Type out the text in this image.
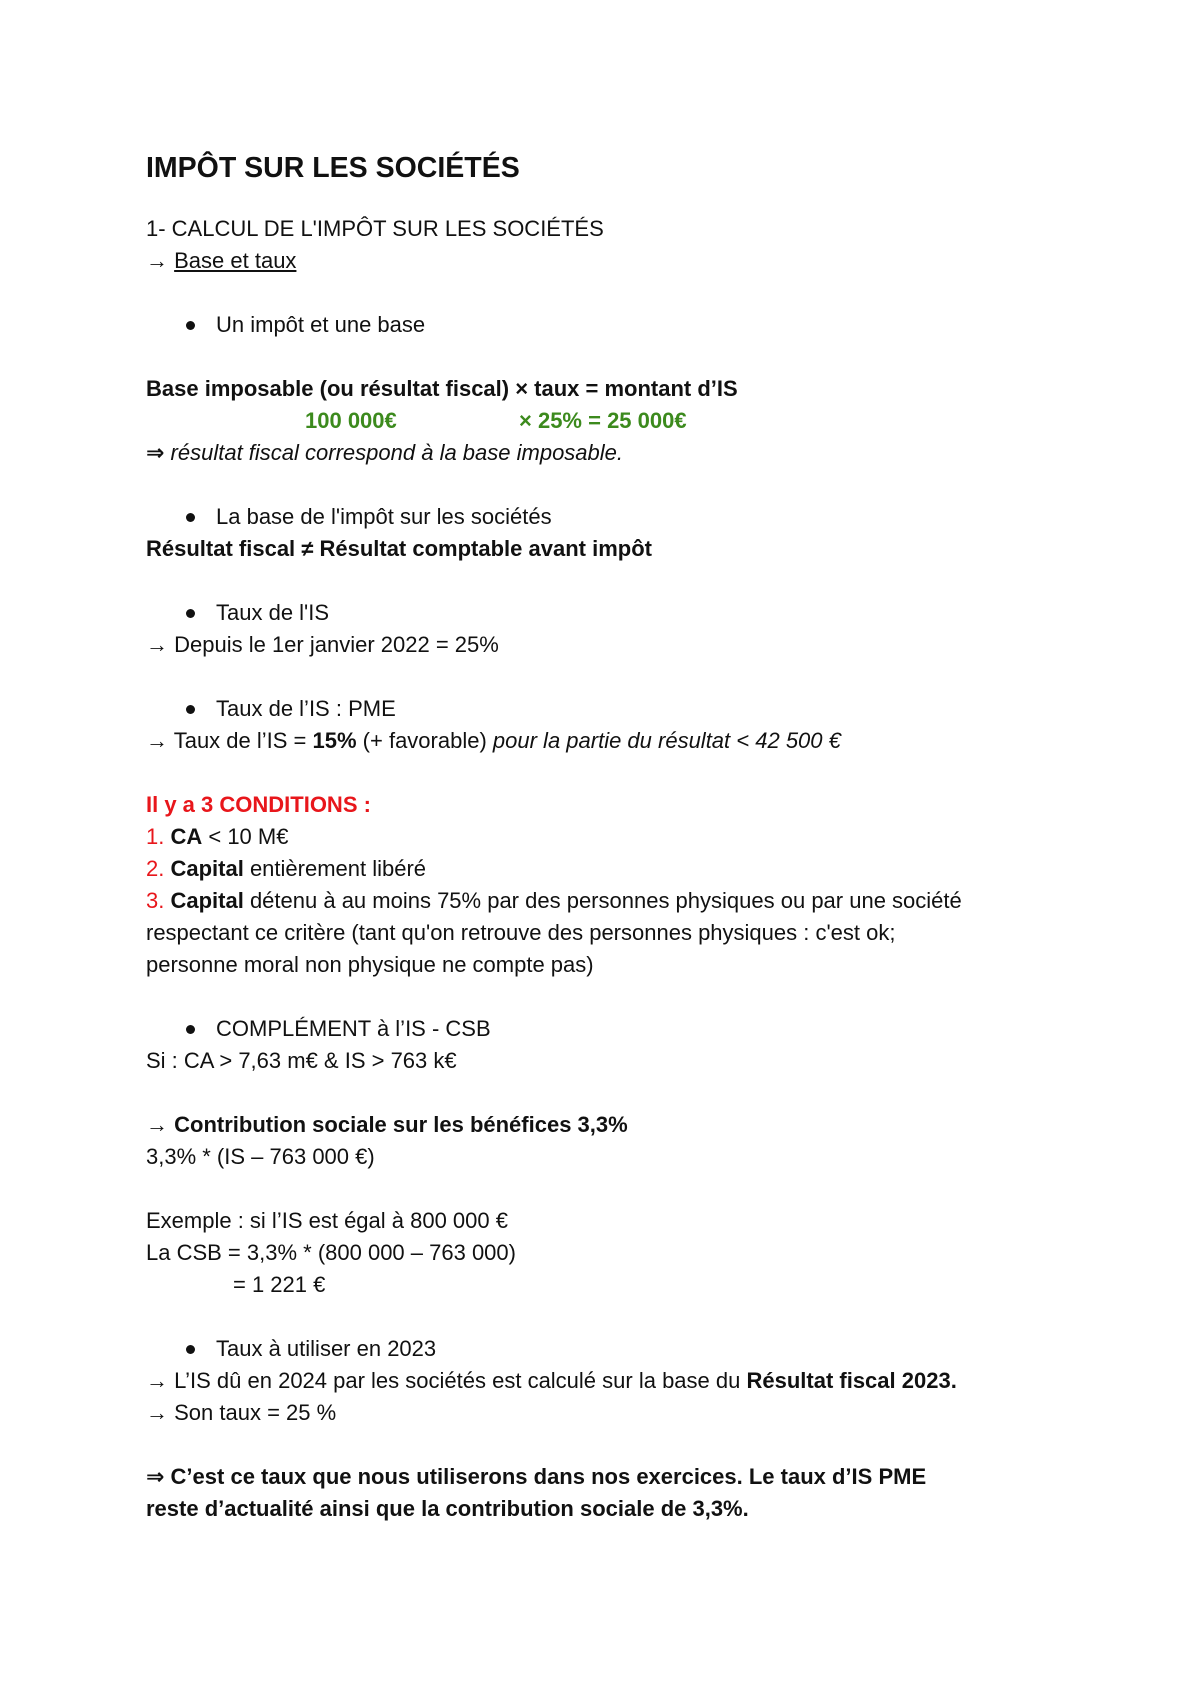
IMPÔT SUR LES SOCIÉTÉS
1- CALCUL DE L'IMPÔT SUR LES SOCIÉTÉS
→ Base et taux
Un impôt et une base
Base imposable (ou résultat fiscal) × taux = montant d’IS
100 000€	× 25% = 25 000€
⇒ résultat fiscal correspond à la base imposable.
La base de l'impôt sur les sociétés
Résultat fiscal ≠ Résultat comptable avant impôt
Taux de l'IS
→ Depuis le 1er janvier 2022 = 25%
Taux de l’IS : PME
→ Taux de l’IS = 15% (+ favorable) pour la partie du résultat < 42 500 €
Il y a 3 CONDITIONS :
1. CA < 10 M€
2. Capital entièrement libéré
3. Capital détenu à au moins 75% par des personnes physiques ou par une société
respectant ce critère (tant qu'on retrouve des personnes physiques : c'est ok;
personne moral non physique ne compte pas)
COMPLÉMENT à l’IS - CSB
Si : CA > 7,63 m€ & IS > 763 k€
→ Contribution sociale sur les bénéfices 3,3%
3,3% * (IS – 763 000 €)
Exemple : si l’IS est égal à 800 000 €
La CSB = 3,3% * (800 000 – 763 000)
= 1 221 €
Taux à utiliser en 2023
→ L’IS dû en 2024 par les sociétés est calculé sur la base du Résultat fiscal 2023.
→ Son taux = 25 %
⇒ C’est ce taux que nous utiliserons dans nos exercices. Le taux d’IS PME
reste d’actualité ainsi que la contribution sociale de 3,3%.
